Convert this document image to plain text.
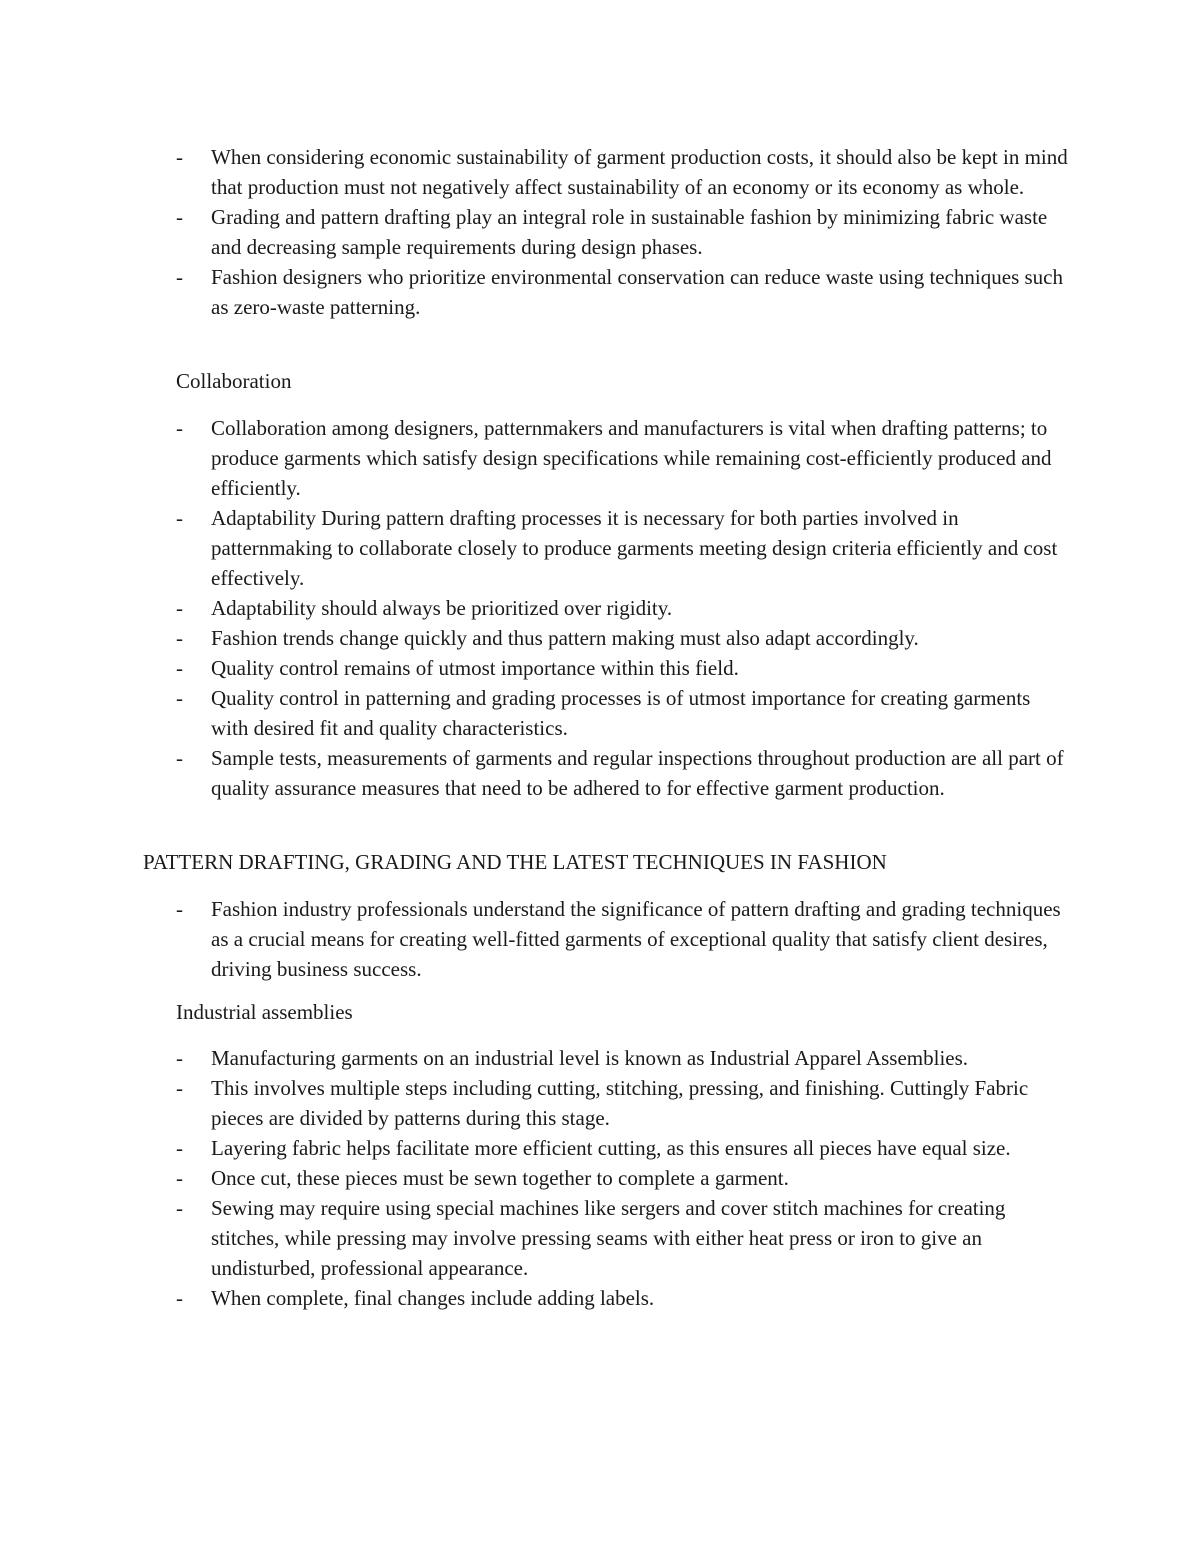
- When considering economic sustainability of garment production costs, it should also be kept in mind that production must not negatively affect sustainability of an economy or its economy as whole.
- Grading and pattern drafting play an integral role in sustainable fashion by minimizing fabric waste and decreasing sample requirements during design phases.
- Fashion designers who prioritize environmental conservation can reduce waste using techniques such as zero-waste patterning.
Collaboration
- Collaboration among designers, patternmakers and manufacturers is vital when drafting patterns; to produce garments which satisfy design specifications while remaining cost-efficiently produced and efficiently.
- Adaptability During pattern drafting processes it is necessary for both parties involved in patternmaking to collaborate closely to produce garments meeting design criteria efficiently and cost effectively.
- Adaptability should always be prioritized over rigidity.
- Fashion trends change quickly and thus pattern making must also adapt accordingly.
- Quality control remains of utmost importance within this field.
- Quality control in patterning and grading processes is of utmost importance for creating garments with desired fit and quality characteristics.
- Sample tests, measurements of garments and regular inspections throughout production are all part of quality assurance measures that need to be adhered to for effective garment production.
PATTERN DRAFTING, GRADING AND THE LATEST TECHNIQUES IN FASHION
- Fashion industry professionals understand the significance of pattern drafting and grading techniques as a crucial means for creating well-fitted garments of exceptional quality that satisfy client desires, driving business success.
Industrial assemblies
- Manufacturing garments on an industrial level is known as Industrial Apparel Assemblies.
- This involves multiple steps including cutting, stitching, pressing, and finishing. Cuttingly Fabric pieces are divided by patterns during this stage.
- Layering fabric helps facilitate more efficient cutting, as this ensures all pieces have equal size.
- Once cut, these pieces must be sewn together to complete a garment.
- Sewing may require using special machines like sergers and cover stitch machines for creating stitches, while pressing may involve pressing seams with either heat press or iron to give an undisturbed, professional appearance.
- When complete, final changes include adding labels.
